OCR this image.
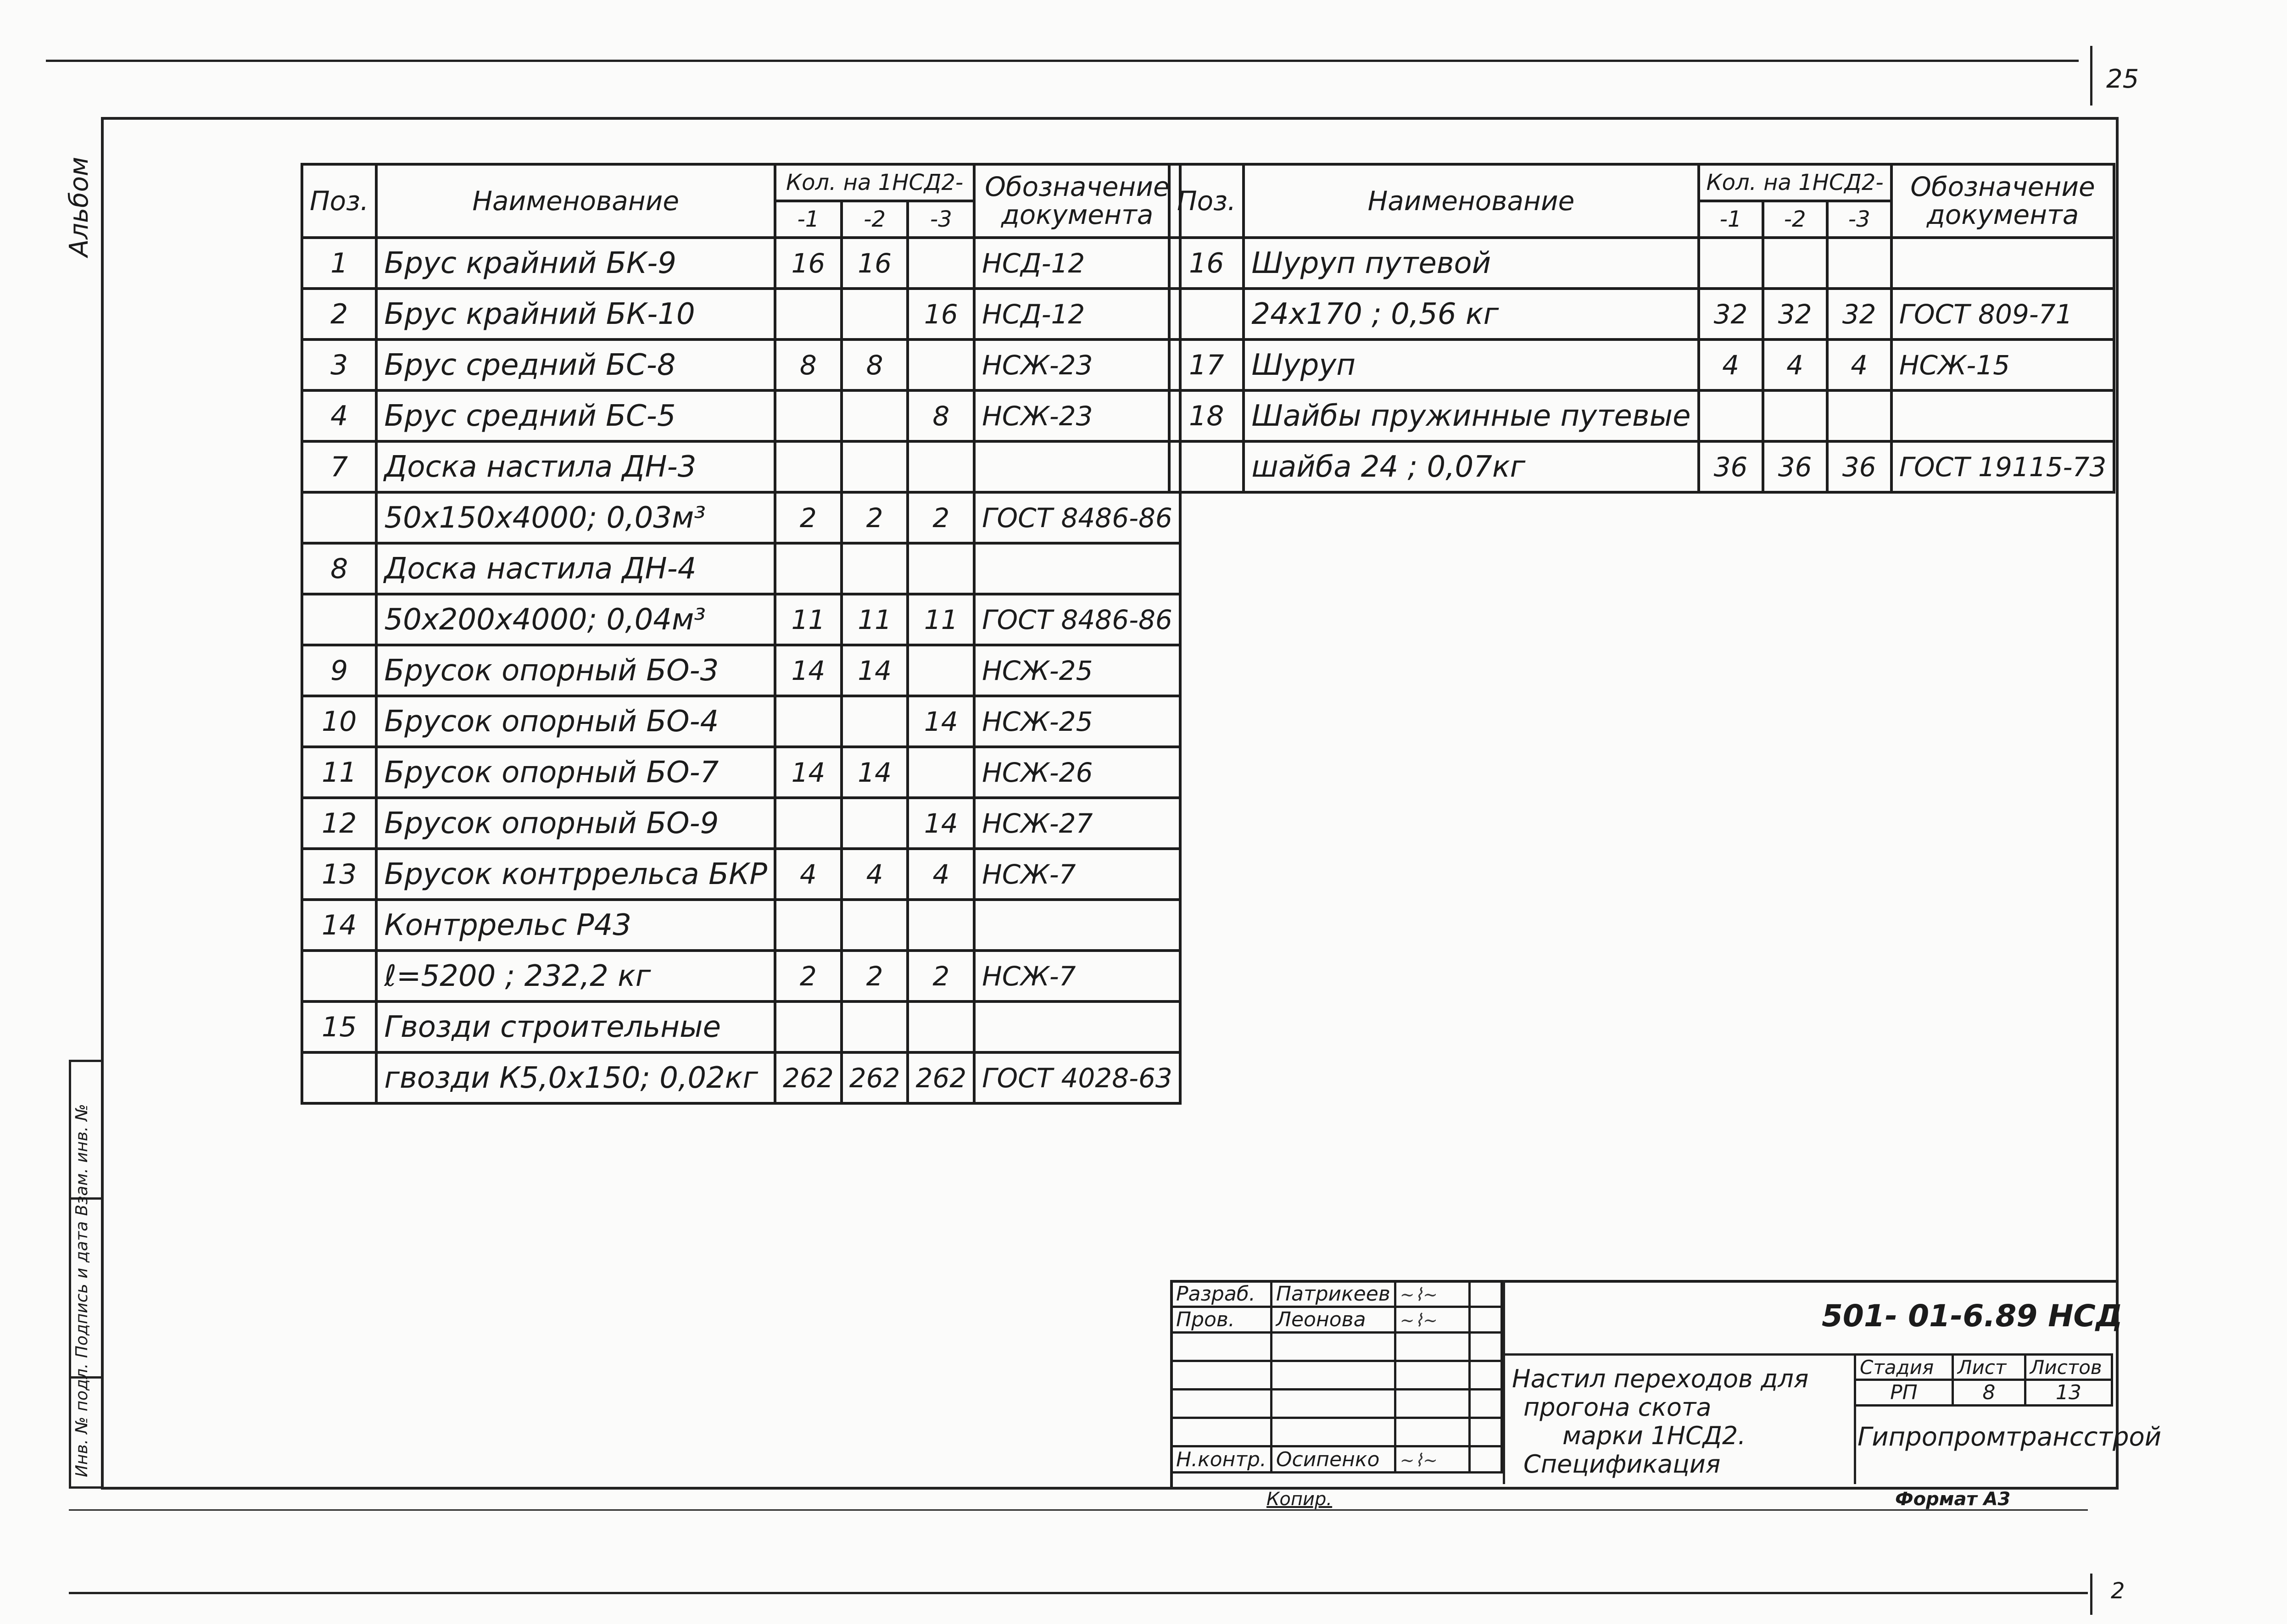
25
Инв. № подл. Подпись и дата Взам. инв. №
Альбом	Поз.	Наименование	Кол. на 1НСД2-			Обозначение документа
		-1	-2	-3	
1	Брус крайний БК-9	16	16		НСД-12
2	Брус крайний БК-10			16	НСД-12
3	Брус средний БС-8	8	8		НСЖ-23
4	Брус средний БС-5			8	НСЖ-23
7	Доска настила ДН-3				
	50x150x4000; 0,03м³	2	2	2	ГОСТ 8486-86
8	Доска настила ДН-4				
	50x200x4000; 0,04м³	11	11	11	ГОСТ 8486-86
9	Брусок опорный БО-3	14	14		НСЖ-25
10	Брусок опорный БО-4			14	НСЖ-25
11	Брусок опорный БО-7	14	14		НСЖ-26
12	Брусок опорный БО-9			14	НСЖ-27
13	Брусок контррельса БКР	4	4	4	НСЖ-7
14	Контррельс Р43				
	ℓ=5200 ; 232,2 кг	2	2	2	НСЖ-7
15	Гвозди строительные				
	гвозди К5,0x150; 0,02кг	262	262	262	ГОСТ 4028-63
Поз.	Наименование	Кол. на 1НСД2-			Обозначение документа
		-1	-2	-3	
16	Шуруп путевой				
	24x170 ; 0,56 кг	32	32	32	ГОСТ 809-71
17	Шуруп	4	4	4	НСЖ-15
18	Шайбы пружинные путевые				
	шайба 24 ; 0,07кг	36	36	36	ГОСТ 19115-73
Разраб.	Патрикеев	~⌇~	
Пров.	Леонова	~⌇~	

Н.контр.	Осипенко	~⌇~	
501- 01-6.89 НСД
Настил переходов для
прогона скота
марки 1НСД2.
Спецификация
Стадия	Лист	Листов
РП	8	13
Гипропромтрансстрой
Копир.	Формат А3
2
